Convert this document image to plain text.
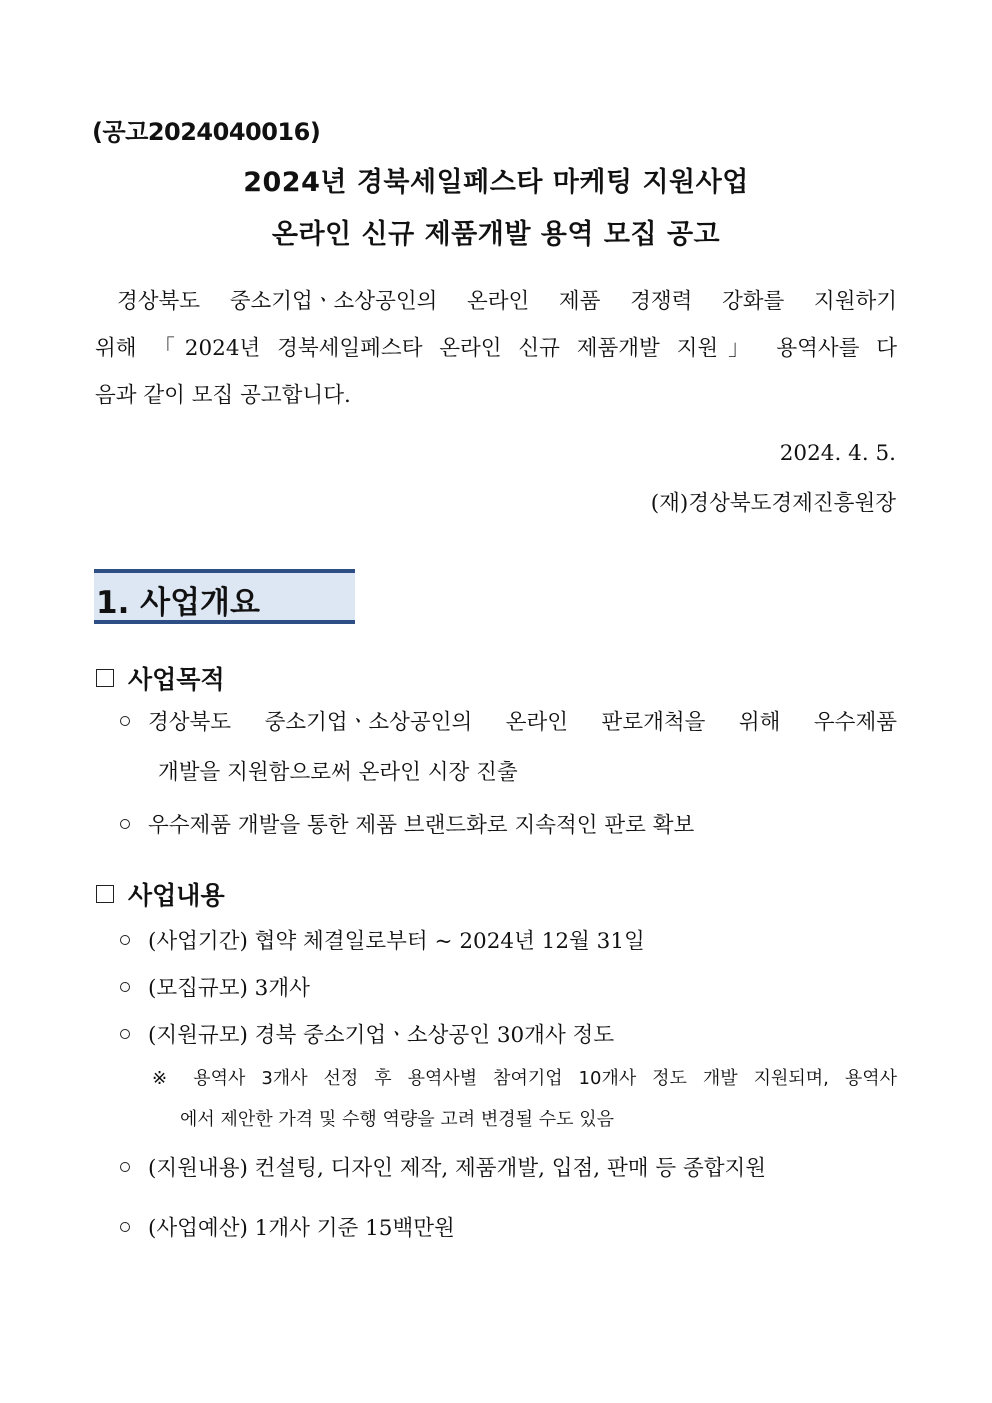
(공고2024040016)
2024년 경북세일페스타 마케팅 지원사업
온라인 신규 제품개발 용역 모집 공고
경상북도 중소기업ㆍ소상공인의 온라인 제품 경쟁력 강화를 지원하기
위해 「2024년 경북세일페스타 온라인 신규 제품개발 지원」 용역사를 다
음과 같이 모집 공고합니다.
2024. 4. 5.
(재)경상북도경제진흥원장
1. 사업개요
사업목적
경상북도 중소기업ㆍ소상공인의 온라인 판로개척을 위해 우수제품
개발을 지원함으로써 온라인 시장 진출
우수제품 개발을 통한 제품 브랜드화로 지속적인 판로 확보
사업내용
(사업기간) 협약 체결일로부터 ~ 2024년 12월 31일
(모집규모) 3개사
(지원규모) 경북 중소기업ㆍ소상공인 30개사 정도
※ 용역사 3개사 선정 후 용역사별 참여기업 10개사 정도 개발 지원되며, 용역사
에서 제안한 가격 및 수행 역량을 고려 변경될 수도 있음
(지원내용) 컨설팅, 디자인 제작, 제품개발, 입점, 판매 등 종합지원
(사업예산) 1개사 기준 15백만원
